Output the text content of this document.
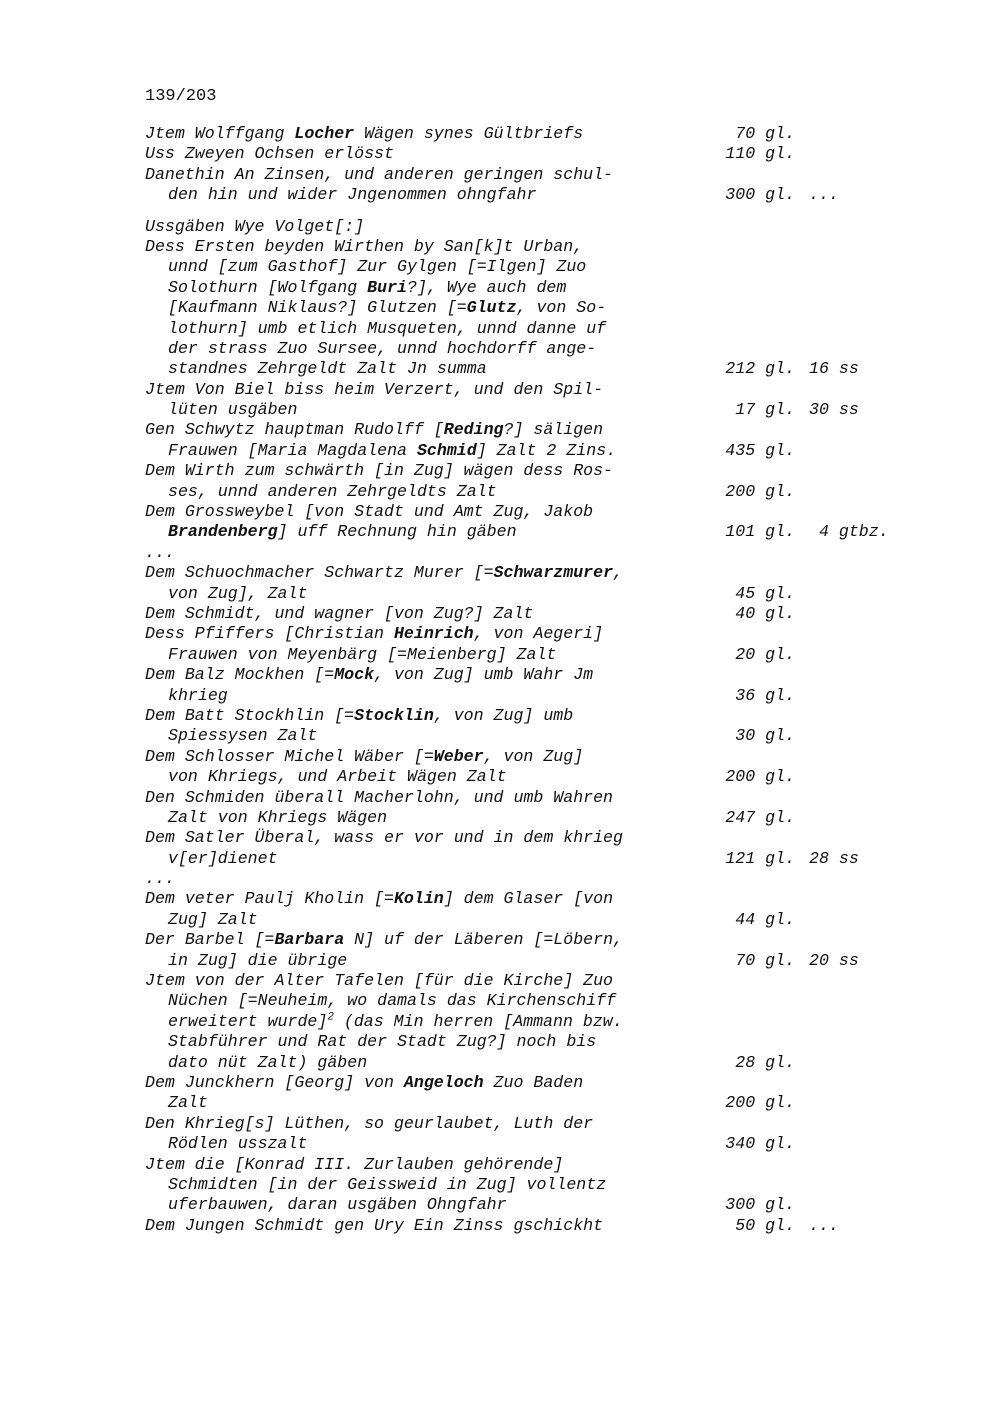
139/203
Jtem Wolffgang Locher Wägen synes Gültbriefs	70 gl.
Uss Zweyen Ochsen erlösst	110 gl.
Danethin An Zinsen, und anderen geringen schul-
den hin und wider Jngenommen ohngfahr	300 gl. ...
Ussgäben Wye Volget[:]
Dess Ersten beyden Wirthen by San[k]t Urban,
unnd [zum Gasthof] Zur Gylgen [=Ilgen] Zuo
Solothurn [Wolfgang Buri?], Wye auch dem
[Kaufmann Niklaus?] Glutzen [=Glutz, von So-
lothurn] umb etlich Musqueten, unnd danne uf
der strass Zuo Sursee, unnd hochdorff ange-
standnes Zehrgeldt Zalt Jn summa	212 gl. 16 ss
Jtem Von Biel biss heim Verzert, und den Spil-
lüten usgäben	17 gl. 30 ss
Gen Schwytz hauptman Rudolff [Reding?] säligen
Frauwen [Maria Magdalena Schmid] Zalt 2 Zins.	435 gl.
Dem Wirth zum schwärth [in Zug] wägen dess Ros-
ses, unnd anderen Zehrgeldts Zalt	200 gl.
Dem Grossweybel [von Stadt und Amt Zug, Jakob
Brandenberg] uff Rechnung hin gäben	101 gl. 4 gtbz.
...
Dem Schuochmacher Schwartz Murer [=Schwarzmurer,
von Zug], Zalt	45 gl.
Dem Schmidt, und wagner [von Zug?] Zalt	40 gl.
Dess Pfiffers [Christian Heinrich, von Aegeri]
Frauwen von Meyenbärg [=Meienberg] Zalt	20 gl.
Dem Balz Mockhen [=Mock, von Zug] umb Wahr Jm
khrieg	36 gl.
Dem Batt Stockhlin [=Stocklin, von Zug] umb
Spiessysen Zalt	30 gl.
Dem Schlosser Michel Wäber [=Weber, von Zug]
von Khriegs, und Arbeit Wägen Zalt	200 gl.
Den Schmiden überall Macherlohn, und umb Wahren
Zalt von Khriegs Wägen	247 gl.
Dem Satler Überal, wass er vor und in dem khrieg
v[er]dienet	121 gl. 28 ss
...
Dem veter Paulj Kholin [=Kolin] dem Glaser [von
Zug] Zalt	44 gl.
Der Barbel [=Barbara N] uf der Läberen [=Löbern,
in Zug] die übrige	70 gl. 20 ss
Jtem von der Alter Tafelen [für die Kirche] Zuo
Nüchen [=Neuheim, wo damals das Kirchenschiff
erweitert wurde]$^2$ (das Min herren [Ammann bzw.
Stabführer und Rat der Stadt Zug?] noch bis
dato nüt Zalt) gäben	28 gl.
Dem Junckhern [Georg] von Angeloch Zuo Baden
Zalt	200 gl.
Den Khrieg[s] Lüthen, so geurlaubet, Luth der
Rödlen usszalt	340 gl.
Jtem die [Konrad III. Zurlauben gehörende]
Schmidten [in der Geissweid in Zug] vollentz
uferbauwen, daran usgäben Ohngfahr	300 gl.
Dem Jungen Schmidt gen Ury Ein Zinss gschickht	50 gl. ...
